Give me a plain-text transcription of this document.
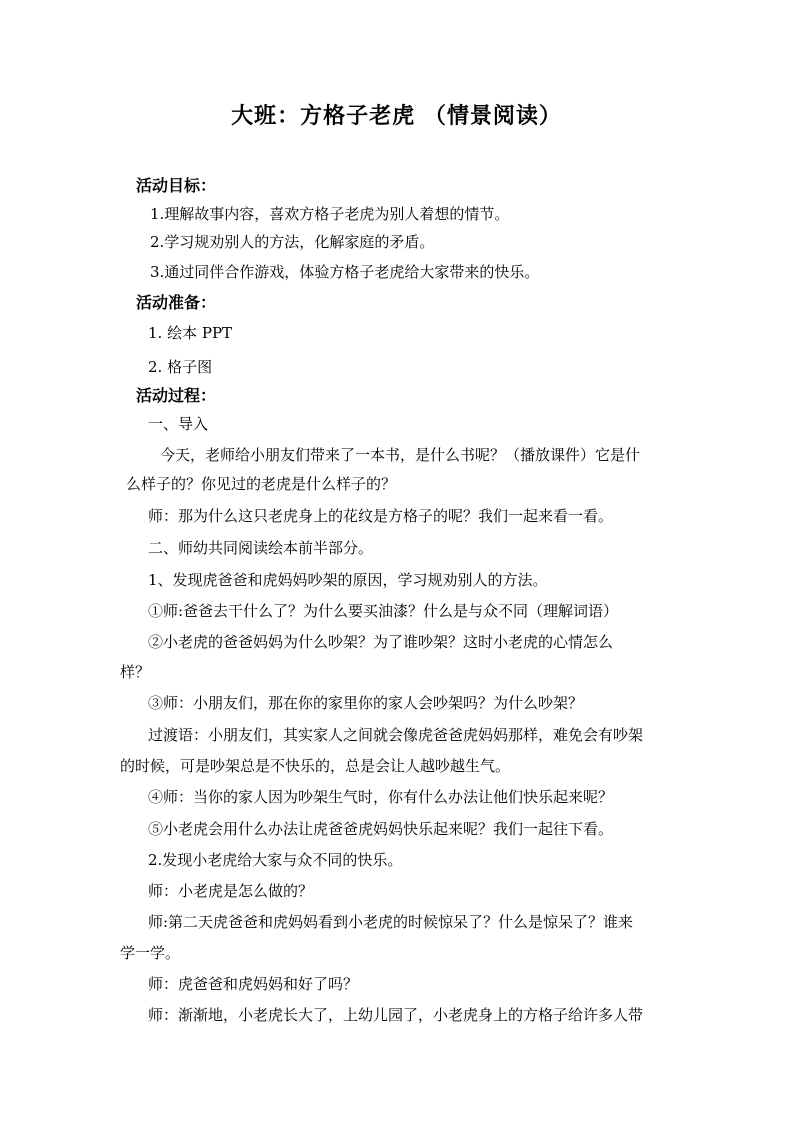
大班：方格子老虎 （情景阅读）
活动目标：
1.理解故事内容，喜欢方格子老虎为别人着想的情节。
2.学习规劝别人的方法，化解家庭的矛盾。
3.通过同伴合作游戏，体验方格子老虎给大家带来的快乐。
活动准备：
1. 绘本 PPT
2. 格子图
活动过程：
一、导入
今天，老师给小朋友们带来了一本书，是什么书呢？（播放课件）它是什
么样子的？你见过的老虎是什么样子的？
师：那为什么这只老虎身上的花纹是方格子的呢？我们一起来看一看。
二、师幼共同阅读绘本前半部分。
1、发现虎爸爸和虎妈妈吵架的原因，学习规劝别人的方法。
①师:爸爸去干什么了？为什么要买油漆？什么是与众不同（理解词语）
②小老虎的爸爸妈妈为什么吵架？为了谁吵架？这时小老虎的心情怎么
样？
③师：小朋友们，那在你的家里你的家人会吵架吗？为什么吵架？
过渡语：小朋友们，其实家人之间就会像虎爸爸虎妈妈那样，难免会有吵架
的时候，可是吵架总是不快乐的，总是会让人越吵越生气。
④师：当你的家人因为吵架生气时，你有什么办法让他们快乐起来呢？
⑤小老虎会用什么办法让虎爸爸虎妈妈快乐起来呢？我们一起往下看。
2.发现小老虎给大家与众不同的快乐。
师：小老虎是怎么做的？
师:第二天虎爸爸和虎妈妈看到小老虎的时候惊呆了？什么是惊呆了？谁来
学一学。
师：虎爸爸和虎妈妈和好了吗？
师：渐渐地，小老虎长大了，上幼儿园了，小老虎身上的方格子给许多人带
